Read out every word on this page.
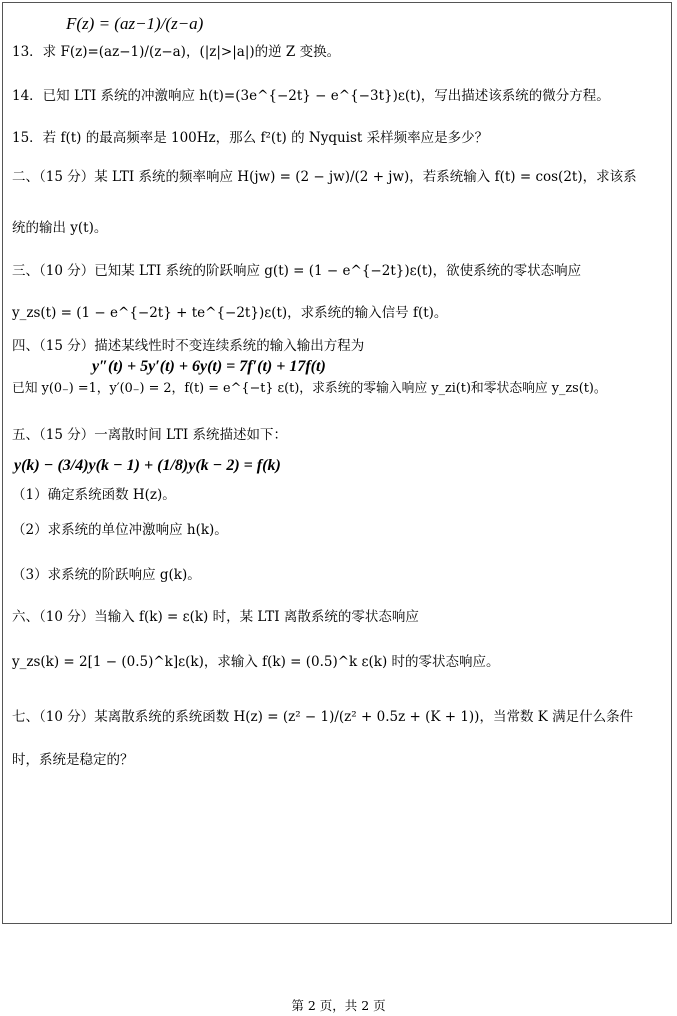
F(z) = (az−1)/(z−a)
13．求 F(z)=(az−1)/(z−a)，(|z|>|a|)的逆 Z 变换。
14．已知 LTI 系统的冲激响应 h(t)=(3e^{−2t} − e^{−3t})ε(t)，写出描述该系统的微分方程。
15．若 f(t) 的最高频率是 100Hz，那么 f²(t) 的 Nyquist 采样频率应是多少？
二、（15 分）某 LTI 系统的频率响应 H(jw) = (2 − jw)/(2 + jw)，若系统输入 f(t) = cos(2t)，求该系
统的输出 y(t)。
三、（10 分）已知某 LTI 系统的阶跃响应 g(t) = (1 − e^{−2t})ε(t)，欲使系统的零状态响应
y_zs(t) = (1 − e^{−2t} + te^{−2t})ε(t)，求系统的输入信号 f(t)。
四、（15 分）描述某线性时不变连续系统的输入输出方程为
y″(t) + 5y′(t) + 6y(t) = 7f′(t) + 17f(t)
已知 y(0₋) =1，y′(0₋) = 2，f(t) = e^{−t} ε(t)，求系统的零输入响应 y_zi(t)和零状态响应 y_zs(t)。
五、（15 分）一离散时间 LTI 系统描述如下：
y(k) − (3/4)y(k − 1) + (1/8)y(k − 2) = f(k)
（1）确定系统函数 H(z)。
（2）求系统的单位冲激响应 h(k)。
（3）求系统的阶跃响应 g(k)。
六、（10 分）当输入 f(k) = ε(k) 时，某 LTI 离散系统的零状态响应
y_zs(k) = 2[1 − (0.5)^k]ε(k)，求输入 f(k) = (0.5)^k ε(k) 时的零状态响应。
七、（10 分）某离散系统的系统函数 H(z) = (z² − 1)/(z² + 0.5z + (K + 1))，当常数 K 满足什么条件
时，系统是稳定的？
第 2 页，共 2 页
